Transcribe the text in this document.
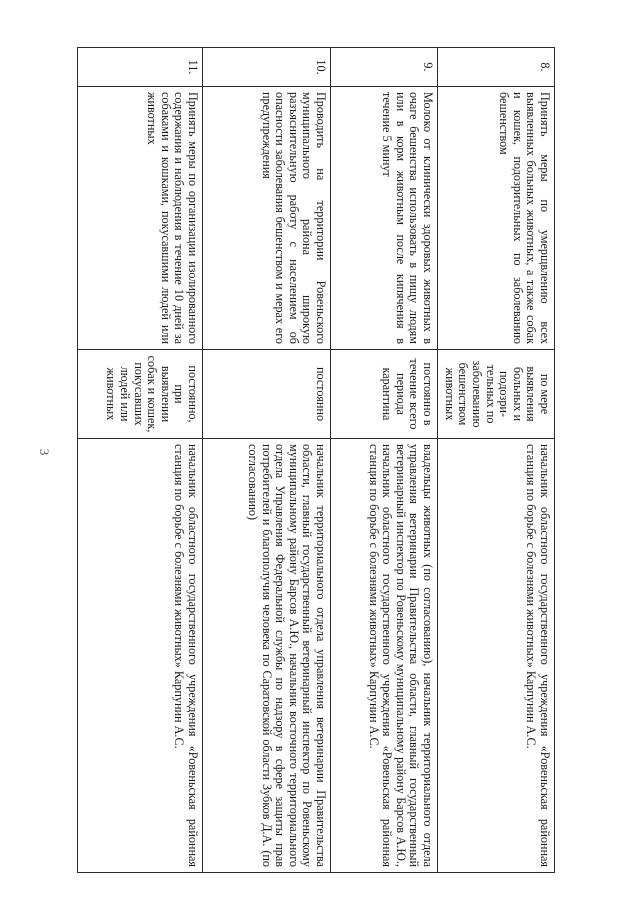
3
8.	Принять меры по умерщвлению всех выявленных больных животных, а также собак и кошек, подозрительных по заболеванию бешенством	по мере выявления больных и подозри-тельных по заболеванию бешенством животных	начальник областного государственного учреждения «Ровеньская районная станция по борьбе с болезнями животных» Карпунин А.С.
9.	Молоко от клинически здоровых животных в очаге бешенства использовать в пищу людям или в корм животным после кипячения в течение 5 минут	постоянно в течение всего периода карантина	владельцы животных (по согласованию), начальник территориального отдела управления ветеринарии Правительства области, главный государственный ветеринарный инспектор по Ровеньскому муниципальному району Барсов А.Ю., начальник областного государственного учреждения «Ровеньская районная станция по борьбе с болезнями животных» Карпунин А.С.
10.	Проводить на территории Ровеньского муниципального района широкую разъяснительную работу с населением об опасности заболевания бешенством и мерах его предупреждения	постоянно	начальник территориального отдела управления ветеринарии Правительства области, главный государственный ветеринарный инспектор по Ровеньскому муниципальному району Барсов А.Ю., начальник восточного территориального отдела Управления Федеральной службы по надзору в сфере защиты прав потребителей и благополучия человека по Саратовской области Зубков Д.А. (по согласованию)
11.	Принять меры по организации изолированного содержания и наблюдения в течение 10 дней за собаками и кошками, покусавшими людей или животных	постоянно, при выявлении собак и кошек, покусавших людей или животных	начальник областного государственного учреждения «Ровеньская районная станция по борьбе с болезнями животных» Карпунин А.С.
